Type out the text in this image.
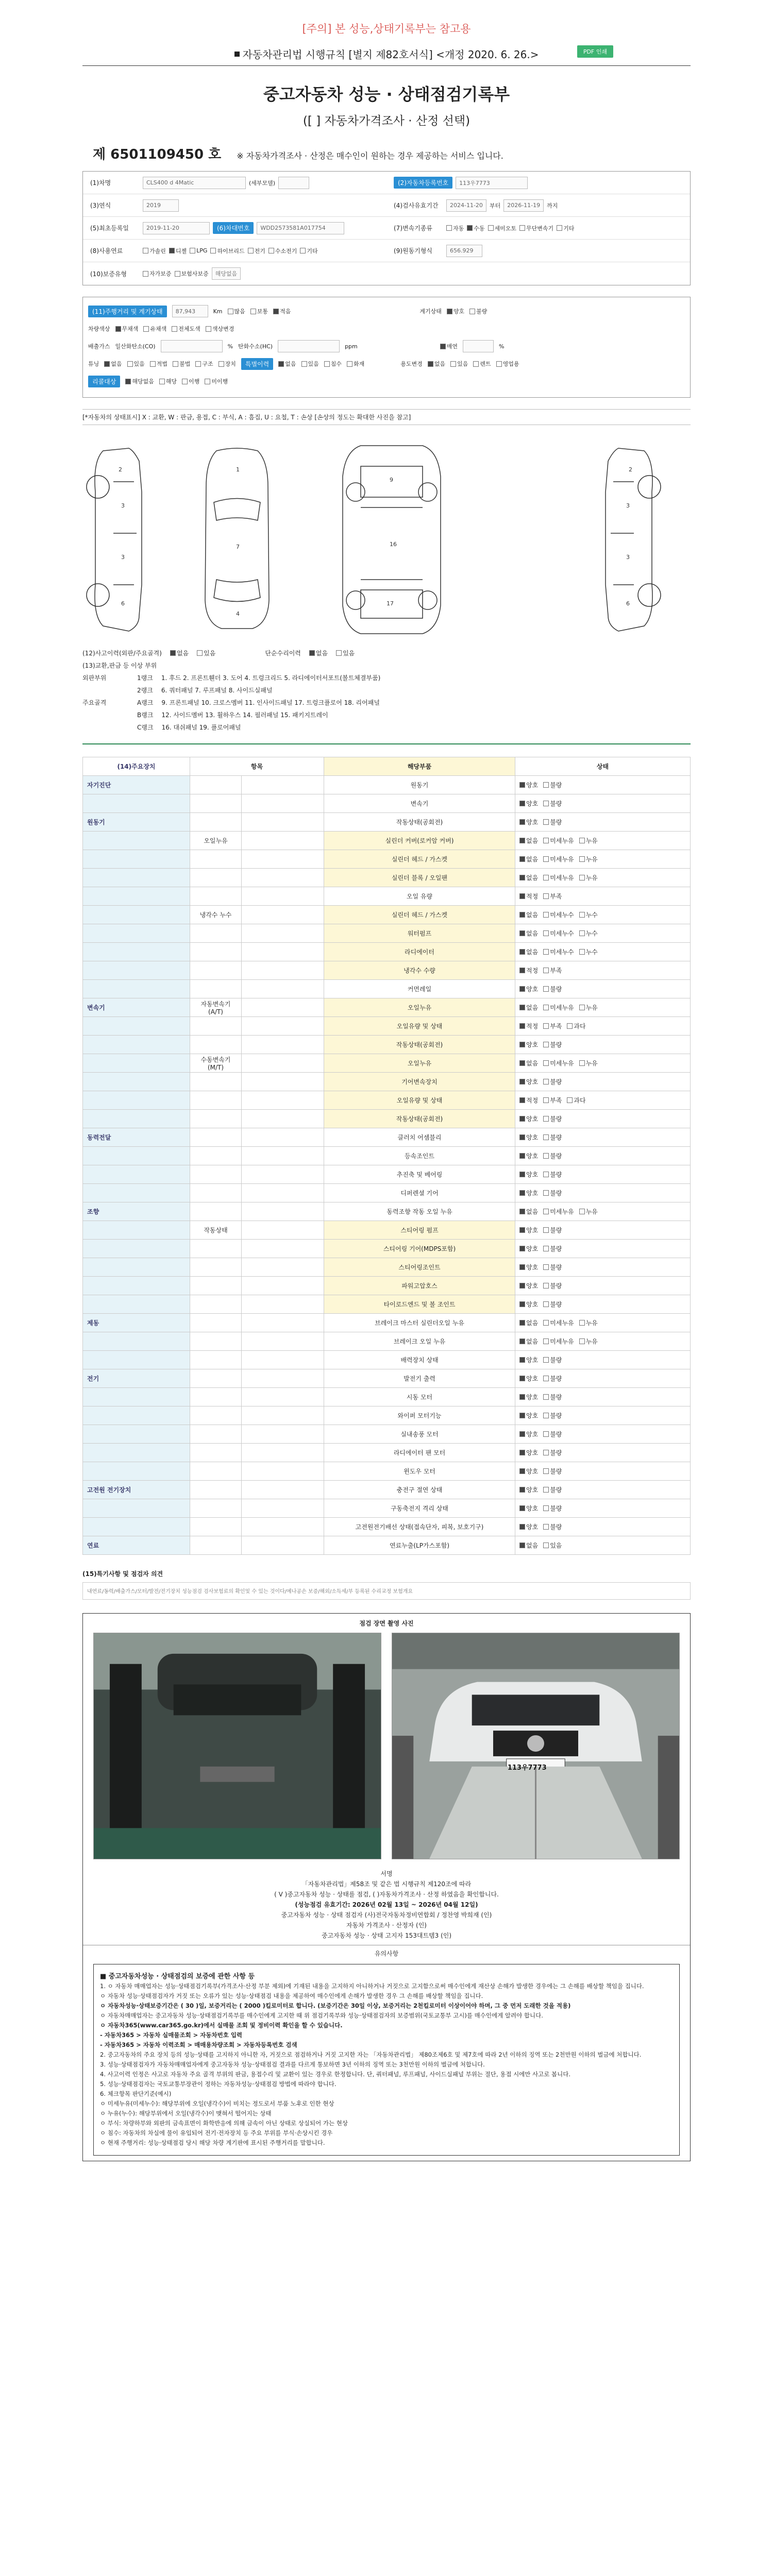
[주의] 본 성능,상태기록부는 참고용
자동차관리법 시행규칙 [별지 제82호서식] <개정 2020. 6. 26.>	PDF 인쇄
중고자동차 성능 · 상태점검기록부
([ ] 자동차가격조사 · 산정 선택)
제 6501109450 호 ※ 자동차가격조사 · 산정은 매수인이 원하는 경우 제공하는 서비스 입니다.
(1)차명	CLS400 d 4Matic	(세부모델)	(2)자동차등록번호	113우7773
(3)연식	2019	(4)검사유효기간	2024-11-20	부터	2026-11-19	까지
(5)최초등록일	2019-11-20	(6)차대번호	WDD2573581A017754	(7)변속기종류	자동	수동	세미오토	무단변속기	기타
(8)사용연료	가솔린	디젤	LPG	하이브리드	전기	수소전기	기타	(9)원동기형식	656.929
(10)보증유형	자가보증	보험사보증	해당없음
(11)주행거리 및 계기상태	87,943	Km	많음	보통	적음	계기상태	양호	불량
차량색상	무채색	유채색	전체도색	색상변경
배출가스 일산화탄소(CO)	% 탄화수소(HC)	ppm	매연	%
튜닝	없음	있음	적법	불법	구조	장치	특별이력	없음	있음	침수	화재	용도변경	없음	있음	렌트	영업용
리콜대상	해당없음	해당	이행	미이행
[*자동차의 상태표시] X : 교환, W : 판금, 용접, C : 부식, A : 흠집, U : 요철, T : 손상 [손상의 정도는 확대한 사진을 참고]
2
3
3
6
1
7
4
9
16
17
2
3
3
6
(12)사고이력(외판/주요골격)	없음	있음	단순수리이력	없음	있음
(13)교환,판금 등 이상 부위
외판부위	1랭크 1. 후드 2. 프론트휀더 3. 도어 4. 트렁크리드 5. 라디에이터서포트(볼트체결부품)
2랭크 6. 쿼터패널 7. 루프패널 8. 사이드실패널
주요골격	A랭크 9. 프론트패널 10. 크로스멤버 11. 인사이드패널 17. 트렁크플로어 18. 리어패널
B랭크 12. 사이드멤버 13. 휠하우스 14. 필러패널 15. 패키지트레이
C랭크 16. 대쉬패널 19. 플로어패널
(14)주요장치	항목		해당부품	상태
자기진단			원동기	양호 불량
			변속기	양호 불량
원동기			작동상태(공회전)	양호 불량
	오일누유		실린더 커버(로커암 커버)	없음 미세누유 누유
			실린더 헤드 / 가스켓	없음 미세누유 누유
			실린더 블록 / 오일팬	없음 미세누유 누유
			오일 유량	적정 부족
	냉각수 누수		실린더 헤드 / 가스켓	없음 미세누수 누수
			워터펌프	없음 미세누수 누수
			라디에이터	없음 미세누수 누수
			냉각수 수량	적정 부족
			커먼레일	양호 불량
변속기	자동변속기(A/T)		오일누유	없음 미세누유 누유
			오일유량 및 상태	적정 부족 과다
			작동상태(공회전)	양호 불량
	수동변속기(M/T)		오일누유	없음 미세누유 누유
			기어변속장치	양호 불량
			오일유량 및 상태	적정 부족 과다
			작동상태(공회전)	양호 불량
동력전달			클러치 어셈블리	양호 불량
			등속조인트	양호 불량
			추진축 및 베어링	양호 불량
			디퍼렌셜 기어	양호 불량
조향			동력조향 작동 오일 누유	없음 미세누유 누유
	작동상태		스티어링 펌프	양호 불량
			스티어링 기어(MDPS포함)	양호 불량
			스티어링조인트	양호 불량
			파워고압호스	양호 불량
			타이로드엔드 및 볼 조인트	양호 불량
제동			브레이크 마스터 실린더오일 누유	없음 미세누유 누유
			브레이크 오일 누유	없음 미세누유 누유
			배력장치 상태	양호 불량
전기			발전기 출력	양호 불량
			시동 모터	양호 불량
			와이퍼 모터기능	양호 불량
			실내송풍 모터	양호 불량
			라디에이터 팬 모터	양호 불량
			윈도우 모터	양호 불량
고전원 전기장치			충전구 절연 상태	양호 불량
			구동축전지 격리 상태	양호 불량
			고전원전기배선 상태(접속단자, 피복, 보호기구)	양호 불량
연료			연료누출(LP가스포함)	없음 있음
(15)특기사항 및 점검자 의견
내연료/동력/배출가스/모터/발전/전기장치 성능점검 검사보험료의 확인및 수 있는 것이다/예나공손 보증/해외/소득세/부 등록된 수리교정 보험개요
점검 장면 촬영 사진
113우7773
서명
「자동차관리법」제58조 및 같은 법 시행규칙 제120조에 따라
( V )중고자동차 성능 · 상태를 점검, ( )자동차가격조사 · 산정 하였음을 확인합니다.
(성능점검 유효기간: 2026년 02월 13일 ~ 2026년 04월 12일)
중고자동차 성능 · 상태 점검자 (사)전국자동차정비연합회 / 정찬영 박희재 (인)
자동차 가격조사 · 산정자 (인)
중고자동차 성능 · 상태 고지자 153대트템3 (인)
유의사항
■ 중고자동차성능 · 상태점검의 보증에 관한 사항 등
1. ㅇ 자동차 매매업자는 성능·상태점검기록부(가격조사·산정 부분 제외)에 기재된 내용을 고지하지 아니하거나 거짓으로 고지함으로써 매수인에게 재산상 손해가 발생한 경우에는 그 손해를 배상할 책임을 집니다.
ㅇ 자동차 성능·상태점검자가 거짓 또는 오류가 있는 성능·상태점검 내용을 제공하여 매수인에게 손해가 발생한 경우 그 손해를 배상할 책임을 집니다.
ㅇ 자동차성능·상태보증기간은 ( 30 )일, 보증거리는 ( 2000 )킬로미터로 합니다. (보증기간은 30일 이상, 보증거리는 2천킬로미터 이상이어야 하며, 그 중 먼저 도래한 것을 적용)
ㅇ 자동차매매업자는 중고자동차 성능·상태점검기록부를 매수인에게 고지한 때 위 점검기록부와 성능·상태점검자의 보증범위(국토교통부 고시)를 매수인에게 알려야 합니다.
ㅇ 자동차365(www.car365.go.kr)에서 실매물 조회 및 정비이력 확인을 할 수 있습니다.
- 자동차365 > 자동차 실매물조회 > 자동차번호 입력
- 자동차365 > 자동차 이력조회 > 매매용차량조회 > 자동차등록번호 검색
2. 중고자동차의 주요 장치 등의 성능·상태를 고지하지 아니한 자, 거짓으로 점검하거나 거짓 고지한 자는 「자동차관리법」 제80조제6호 및 제7호에 따라 2년 이하의 징역 또는 2천만원 이하의 벌금에 처합니다.
3. 성능·상태점검자가 자동차매매업자에게 중고자동차 성능·상태점검 결과를 다르게 통보하면 3년 이하의 징역 또는 3천만원 이하의 벌금에 처합니다.
4. 사고이력 인정은 사고로 자동차 주요 골격 부위의 판금, 용접수리 및 교환이 있는 경우로 한정합니다. 단, 쿼터패널, 루프패널, 사이드실패널 부위는 절단, 용접 시에만 사고로 봅니다.
5. 성능·상태점검자는 국토교통부장관이 정하는 자동차성능·상태점검 방법에 따라야 합니다.
6. 체크항목 판단기준(예시)
ㅇ 미세누유(미세누수): 해당부위에 오일(냉각수)이 비치는 정도로서 부품 노후로 인한 현상
ㅇ 누유(누수): 해당부위에서 오일(냉각수)이 맺혀서 떨어지는 상태
ㅇ 부식: 차량하부와 외판의 금속표면이 화학반응에 의해 금속이 아닌 상태로 상실되어 가는 현상
ㅇ 침수: 자동차의 차실에 물이 유입되어 전기·전자장치 등 주요 부위를 부식·손상시킨 경우
ㅇ 현재 주행거리: 성능·상태점검 당시 해당 차량 계기판에 표시된 주행거리를 말합니다.
